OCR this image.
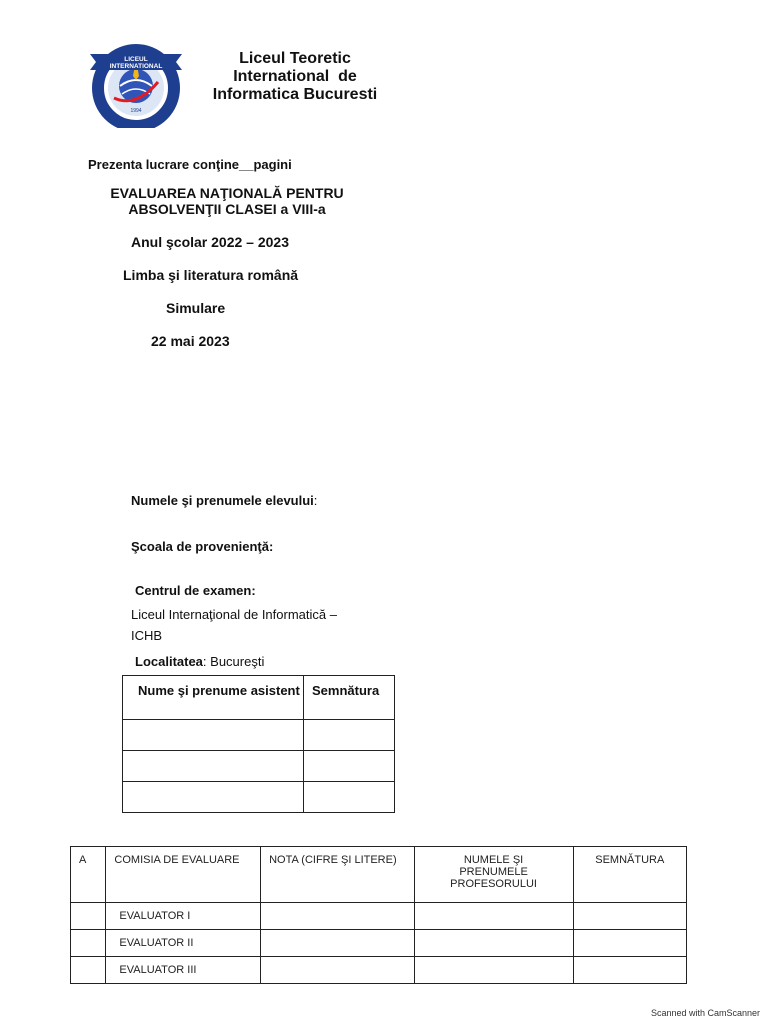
LICEUL
INTERNATIONAL
1994
Liceul Teoretic
International  de
Informatica Bucuresti
Prezenta lucrare conţine__pagini
EVALUAREA NAŢIONALĂ PENTRU
ABSOLVENŢII CLASEI a VIII-a
Anul şcolar 2022 – 2023
Limba şi literatura română
Simulare
22 mai 2023
Numele şi prenumele elevului:
Şcoala de provenienţă:
Centrul de examen:
Liceul Internaţional de Informatică –
ICHB
Localitatea: Bucureşti
Nume şi prenume asistent	Semnătura

A	COMISIA DE EVALUARE	NOTA (CIFRE ŞI LITERE)	NUMELE ŞI PRENUMELE PROFESORULUI	SEMNĂTURA
	EVALUATOR I			
	EVALUATOR II			
	EVALUATOR III			
Scanned with CamScanner
